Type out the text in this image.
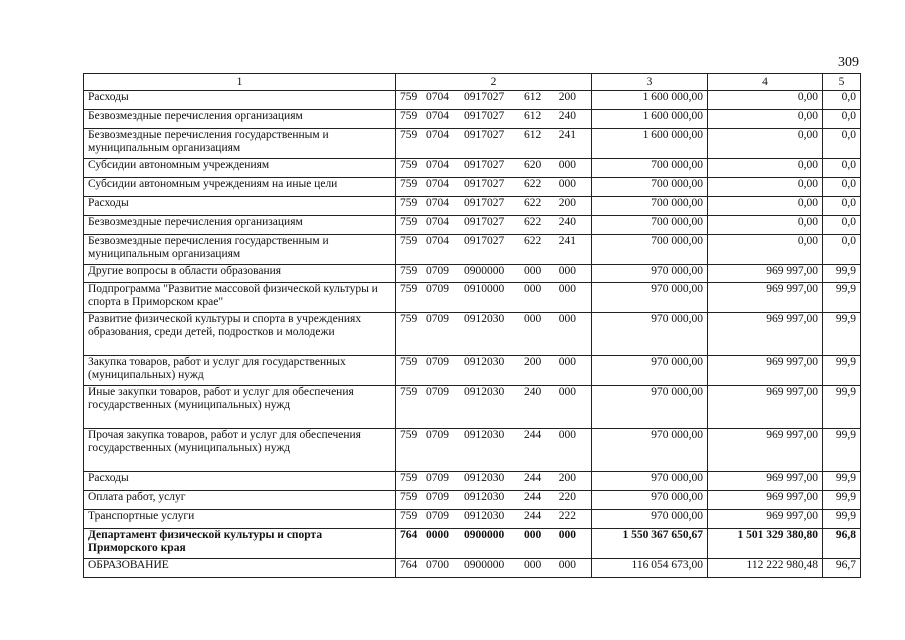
309
1	2	3	4	5
Расходы	759 0704 0917027 612 200	1 600 000,00	0,00	0,0
Безвозмездные перечисления организациям	759 0704 0917027 612 240	1 600 000,00	0,00	0,0
Безвозмездные перечисления государственным и муниципальным организациям	759 0704 0917027 612 241	1 600 000,00	0,00	0,0
Субсидии автономным учреждениям	759 0704 0917027 620 000	700 000,00	0,00	0,0
Субсидии автономным учреждениям на иные цели	759 0704 0917027 622 000	700 000,00	0,00	0,0
Расходы	759 0704 0917027 622 200	700 000,00	0,00	0,0
Безвозмездные перечисления организациям	759 0704 0917027 622 240	700 000,00	0,00	0,0
Безвозмездные перечисления государственным и муниципальным организациям	759 0704 0917027 622 241	700 000,00	0,00	0,0
Другие вопросы в области образования	759 0709 0900000 000 000	970 000,00	969 997,00	99,9
Подпрограмма "Развитие массовой физической культуры и спорта в Приморском крае"	759 0709 0910000 000 000	970 000,00	969 997,00	99,9
Развитие физической культуры и спорта в учреждениях образования, среди детей, подростков и молодежи	759 0709 0912030 000 000	970 000,00	969 997,00	99,9
Закупка товаров, работ и услуг для государственных (муниципальных) нужд	759 0709 0912030 200 000	970 000,00	969 997,00	99,9
Иные закупки товаров, работ и услуг для обеспечения государственных (муниципальных) нужд	759 0709 0912030 240 000	970 000,00	969 997,00	99,9
Прочая закупка товаров, работ и услуг для обеспечения государственных (муниципальных) нужд	759 0709 0912030 244 000	970 000,00	969 997,00	99,9
Расходы	759 0709 0912030 244 200	970 000,00	969 997,00	99,9
Оплата работ, услуг	759 0709 0912030 244 220	970 000,00	969 997,00	99,9
Транспортные услуги	759 0709 0912030 244 222	970 000,00	969 997,00	99,9
Департамент физической культуры и спорта Приморского края	764 0000 0900000 000 000	1 550 367 650,67	1 501 329 380,80	96,8
ОБРАЗОВАНИЕ	764 0700 0900000 000 000	116 054 673,00	112 222 980,48	96,7
